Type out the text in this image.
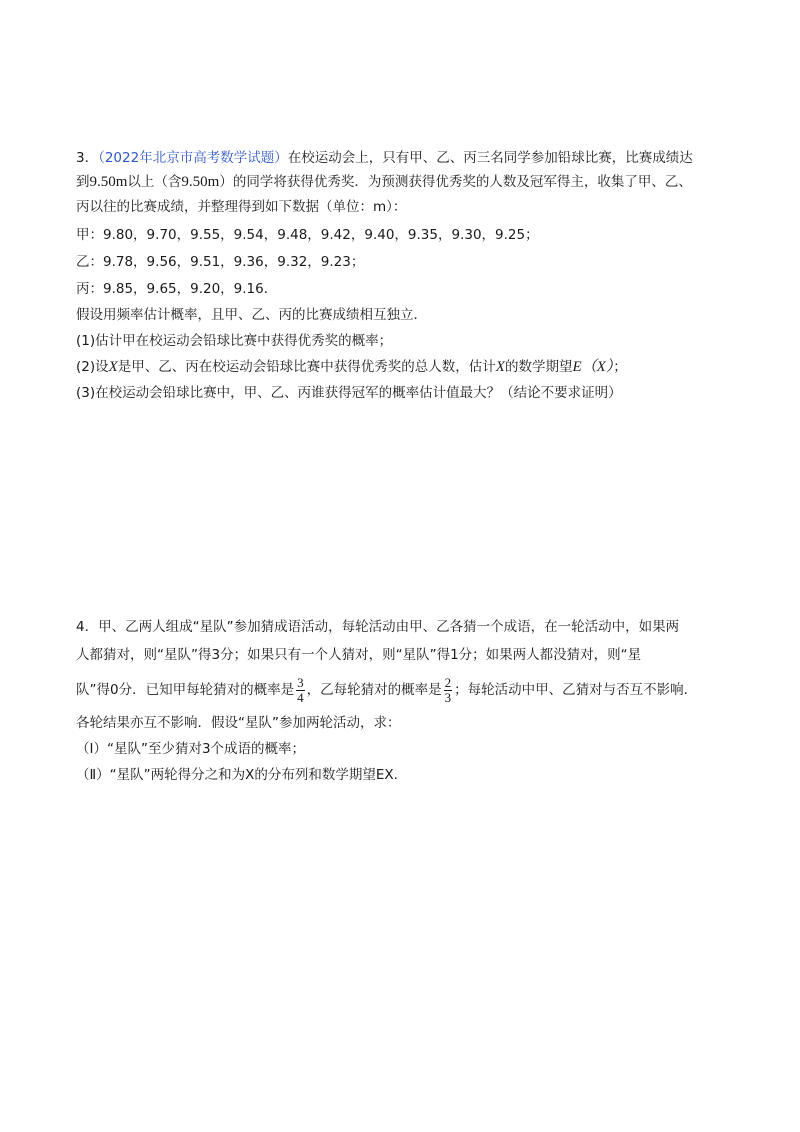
3．（2022年北京市高考数学试题）在校运动会上，只有甲、乙、丙三名同学参加铅球比赛，比赛成绩达
到9.50m以上（含9.50m）的同学将获得优秀奖．为预测获得优秀奖的人数及冠军得主，收集了甲、乙、
丙以往的比赛成绩，并整理得到如下数据（单位：m）：
甲：9.80，9.70，9.55，9.54，9.48，9.42，9.40，9.35，9.30，9.25；
乙：9.78，9.56，9.51，9.36，9.32，9.23；
丙：9.85，9.65，9.20，9.16．
假设用频率估计概率，且甲、乙、丙的比赛成绩相互独立．
(1)估计甲在校运动会铅球比赛中获得优秀奖的概率；
(2)设X是甲、乙、丙在校运动会铅球比赛中获得优秀奖的总人数，估计X的数学期望E（X）；
(3)在校运动会铅球比赛中，甲、乙、丙谁获得冠军的概率估计值最大？（结论不要求证明）
4．甲、乙两人组成“星队”参加猜成语活动，每轮活动由甲、乙各猜一个成语，在一轮活动中，如果两
人都猜对，则“星队”得3分；如果只有一个人猜对，则“星队”得1分；如果两人都没猜对，则“星
队”得0分．已知甲每轮猜对的概率是 $\frac{3}{4}$ ，乙每轮猜对的概率是 $\frac{2}{3}$ ；每轮活动中甲、乙猜对与否互不影响．
各轮结果亦互不影响．假设“星队”参加两轮活动，求：
（Ⅰ）“星队”至少猜对3个成语的概率；
（Ⅱ）“星队”两轮得分之和为X的分布列和数学期望EX.
